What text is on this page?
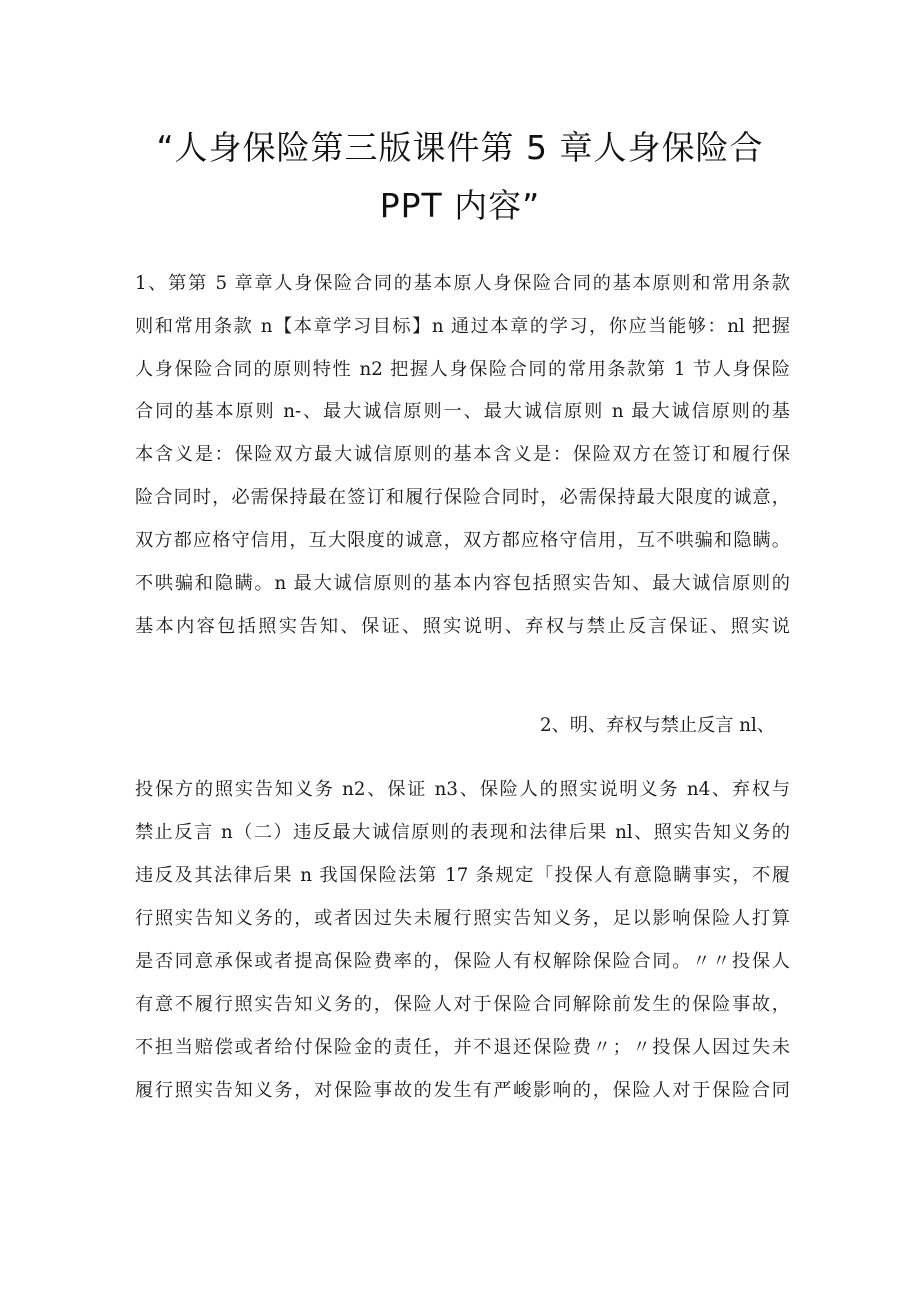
“人身保险第三版课件第 5 章人身保险合
PPT 内容”
1、第第 5 章章人身保险合同的基本原人身保险合同的基本原则和常用条款
则和常用条款 n【本章学习目标】n 通过本章的学习，你应当能够：nl 把握
人身保险合同的原则特性 n2 把握人身保险合同的常用条款第 1 节人身保险
合同的基本原则 n-、最大诚信原则一、最大诚信原则 n 最大诚信原则的基
本含义是：保险双方最大诚信原则的基本含义是：保险双方在签订和履行保
险合同时，必需保持最在签订和履行保险合同时，必需保持最大限度的诚意，
双方都应格守信用，互大限度的诚意，双方都应格守信用，互不哄骗和隐瞒。
不哄骗和隐瞒。n 最大诚信原则的基本内容包括照实告知、最大诚信原则的
基本内容包括照实告知、保证、照实说明、弃权与禁止反言保证、照实说
2、明、弃权与禁止反言 nl、
投保方的照实告知义务 n2、保证 n3、保险人的照实说明义务 n4、弃权与
禁止反言 n（二）违反最大诚信原则的表现和法律后果 nl、照实告知义务的
违反及其法律后果 n 我国保险法第 17 条规定「投保人有意隐瞒事实，不履
行照实告知义务的，或者因过失未履行照实告知义务，足以影响保险人打算
是否同意承保或者提高保险费率的，保险人有权解除保险合同。〃〃投保人
有意不履行照实告知义务的，保险人对于保险合同解除前发生的保险事故，
不担当赔偿或者给付保险金的责任，并不退还保险费〃；〃投保人因过失未
履行照实告知义务，对保险事故的发生有严峻影响的，保险人对于保险合同
